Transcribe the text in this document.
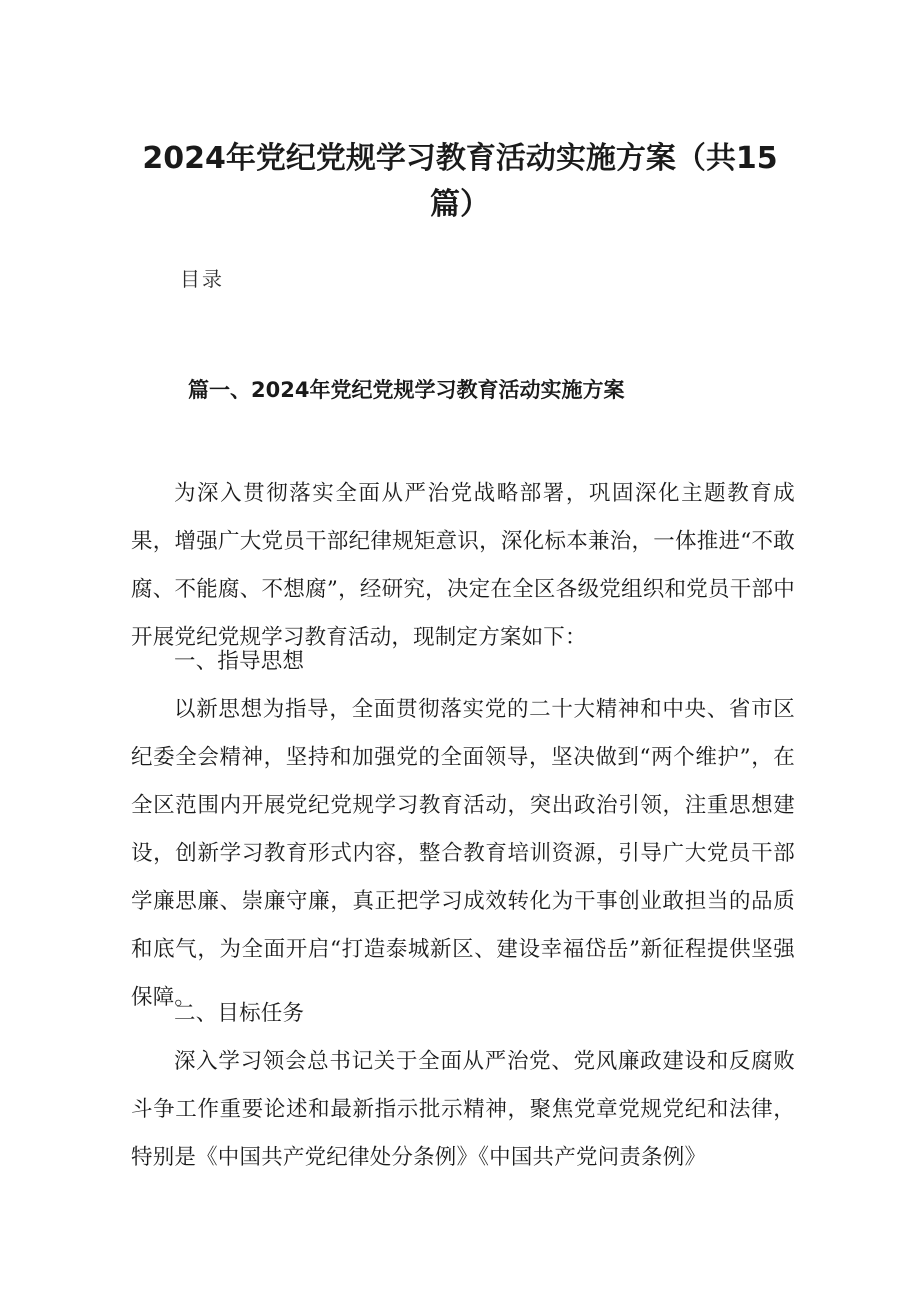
2024年党纪党规学习教育活动实施方案（共15篇）
目录
篇一、2024年党纪党规学习教育活动实施方案

为深入贯彻落实全面从严治党战略部署，巩固深化主题教育成果，增强广大党员干部纪律规矩意识，深化标本兼治，一体推进“不敢腐、不能腐、不想腐”，经研究，决定在全区各级党组织和党员干部中开展党纪党规学习教育活动，现制定方案如下：

一、指导思想

以新思想为指导，全面贯彻落实党的二十大精神和中央、省市区纪委全会精神，坚持和加强党的全面领导，坚决做到“两个维护”，在全区范围内开展党纪党规学习教育活动，突出政治引领，注重思想建设，创新学习教育形式内容，整合教育培训资源，引导广大党员干部学廉思廉、崇廉守廉，真正把学习成效转化为干事创业敢担当的品质和底气，为全面开启“打造泰城新区、建设幸福岱岳”新征程提供坚强保障。

二、目标任务

深入学习领会总书记关于全面从严治党、党风廉政建设和反腐败斗争工作重要论述和最新指示批示精神，聚焦党章党规党纪和法律，特别是《中国共产党纪律处分条例》《中国共产党问责条例》
